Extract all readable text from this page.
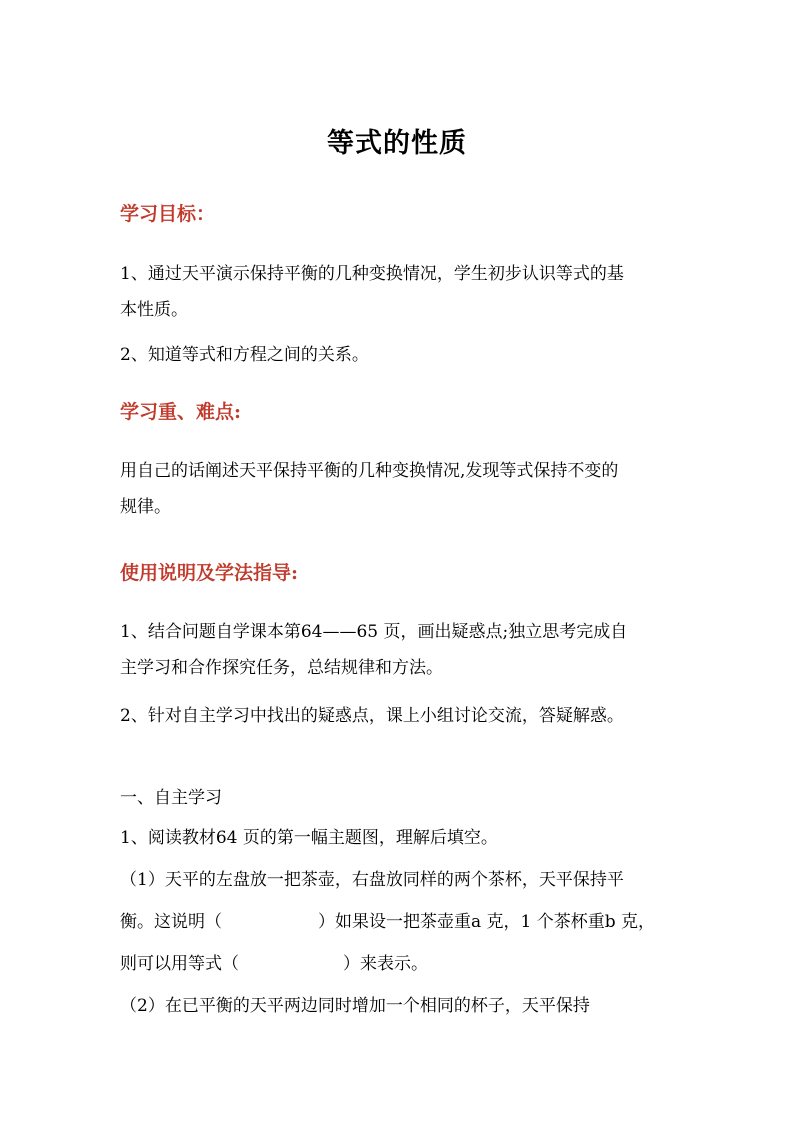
等式的性质
学习目标：
1、通过天平演示保持平衡的几种变换情况，学生初步认识等式的基
本性质。
2、知道等式和方程之间的关系。
学习重、难点:
用自己的话阐述天平保持平衡的几种变换情况,发现等式保持不变的
规律。
使用说明及学法指导:
1、结合问题自学课本第64——65 页，画出疑惑点;独立思考完成自
主学习和合作探究任务，总结规律和方法。
2、针对自主学习中找出的疑惑点，课上小组讨论交流，答疑解惑。
一、自主学习
1、阅读教材64 页的第一幅主题图，理解后填空。
（1）天平的左盘放一把茶壶，右盘放同样的两个茶杯，天平保持平
衡。这说明（	）如果设一把茶壶重a 克，1 个茶杯重b 克，
则可以用等式（	）来表示。
（2）在已平衡的天平两边同时增加一个相同的杯子，天平保持
